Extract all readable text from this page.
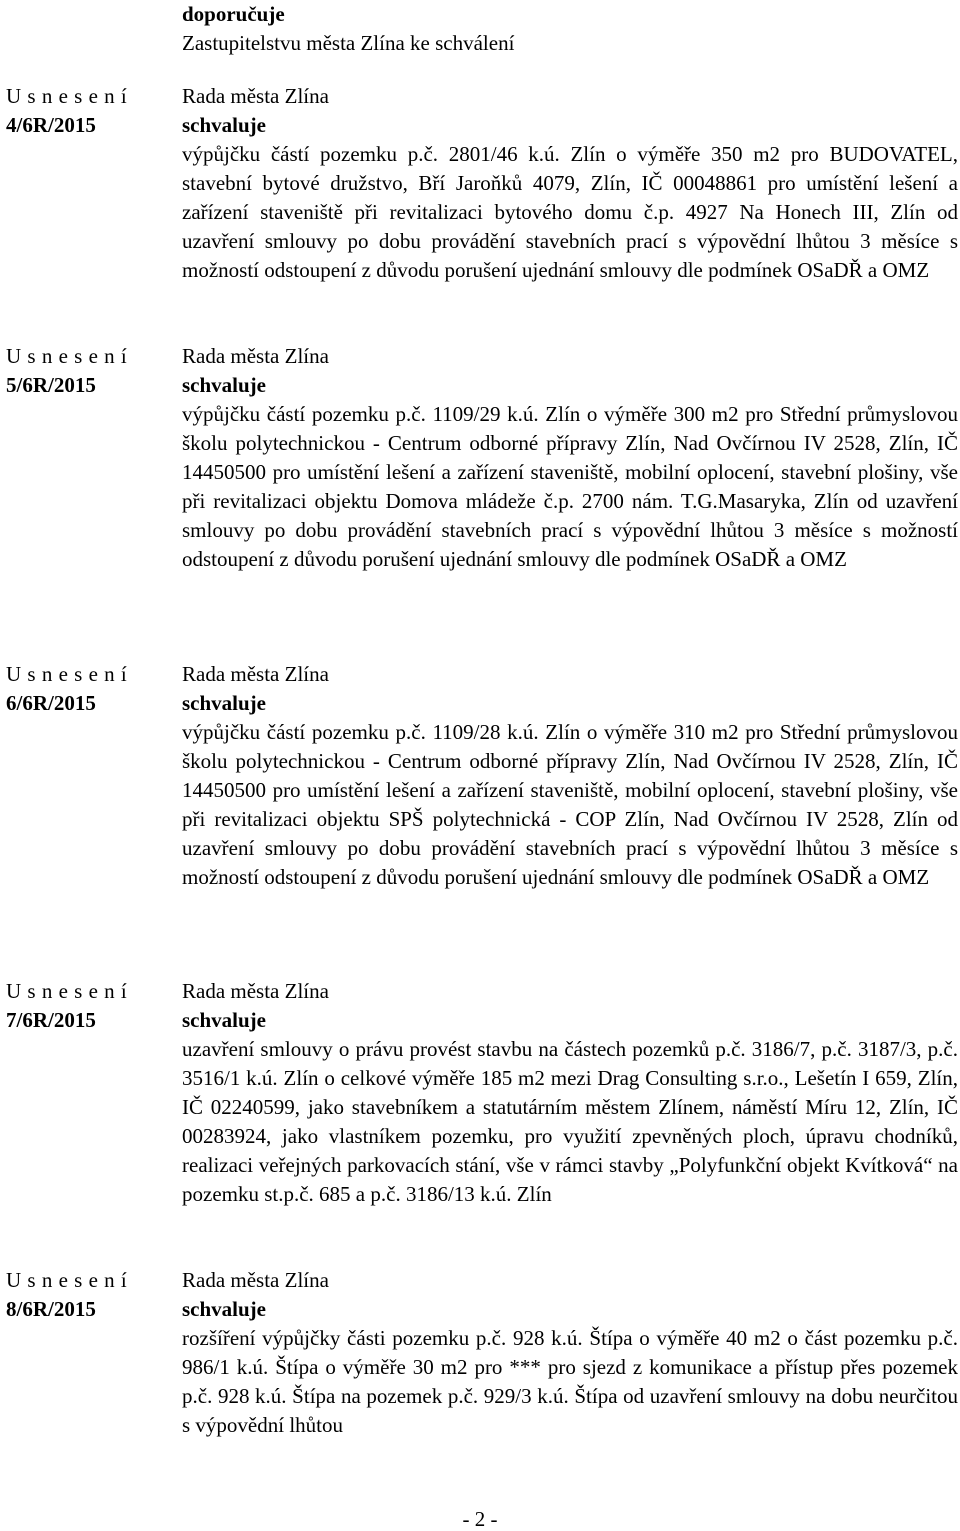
doporučuje
Zastupitelstvu města Zlína ke schválení
U s n e s e n í
4/6R/2015
Rada města Zlína
schvaluje
výpůjčku částí pozemku p.č. 2801/46 k.ú. Zlín o výměře 350 m2 pro BUDOVATEL, stavební bytové družstvo, Bří Jaroňků 4079, Zlín, IČ 00048861 pro umístění lešení a zařízení staveniště při revitalizaci bytového domu č.p. 4927 Na Honech III, Zlín od uzavření smlouvy po dobu provádění stavebních prací s výpovědní lhůtou 3 měsíce s možností odstoupení z důvodu porušení ujednání smlouvy dle podmínek OSaDŘ a OMZ
U s n e s e n í
5/6R/2015
Rada města Zlína
schvaluje
výpůjčku částí pozemku p.č. 1109/29 k.ú. Zlín o výměře 300 m2 pro Střední průmyslovou školu polytechnickou - Centrum odborné přípravy Zlín, Nad Ovčírnou IV 2528, Zlín, IČ 14450500 pro umístění lešení a zařízení staveniště, mobilní oplocení, stavební plošiny, vše při revitalizaci objektu Domova mládeže č.p. 2700 nám. T.G.Masaryka, Zlín od uzavření smlouvy po dobu provádění stavebních prací s výpovědní lhůtou 3 měsíce s možností odstoupení z důvodu porušení ujednání smlouvy dle podmínek OSaDŘ a OMZ
U s n e s e n í
6/6R/2015
Rada města Zlína
schvaluje
výpůjčku částí pozemku p.č. 1109/28 k.ú. Zlín o výměře 310 m2 pro Střední průmyslovou školu polytechnickou - Centrum odborné přípravy Zlín, Nad Ovčírnou IV 2528, Zlín, IČ 14450500 pro umístění lešení a zařízení staveniště, mobilní oplocení, stavební plošiny, vše při revitalizaci objektu SPŠ polytechnická - COP Zlín, Nad Ovčírnou IV 2528, Zlín od uzavření smlouvy po dobu provádění stavebních prací s výpovědní lhůtou 3 měsíce s možností odstoupení z důvodu porušení ujednání smlouvy dle podmínek OSaDŘ a OMZ
U s n e s e n í
7/6R/2015
Rada města Zlína
schvaluje
uzavření smlouvy o právu provést stavbu na částech pozemků p.č. 3186/7, p.č. 3187/3, p.č. 3516/1 k.ú. Zlín o celkové výměře 185 m2 mezi Drag Consulting s.r.o., Lešetín I 659, Zlín, IČ 02240599, jako stavebníkem a statutárním městem Zlínem, náměstí Míru 12, Zlín, IČ 00283924, jako vlastníkem pozemku, pro využití zpevněných ploch, úpravu chodníků, realizaci veřejných parkovacích stání, vše v rámci stavby „Polyfunkční objekt Kvítková“ na pozemku st.p.č. 685 a p.č. 3186/13 k.ú. Zlín
U s n e s e n í
8/6R/2015
Rada města Zlína
schvaluje
rozšíření výpůjčky části pozemku p.č. 928 k.ú. Štípa o výměře 40 m2 o část pozemku p.č. 986/1 k.ú. Štípa o výměře 30 m2 pro *** pro sjezd z komunikace a přístup přes pozemek p.č. 928 k.ú. Štípa na pozemek p.č. 929/3 k.ú. Štípa od uzavření smlouvy na dobu neurčitou s výpovědní lhůtou
- 2 -
